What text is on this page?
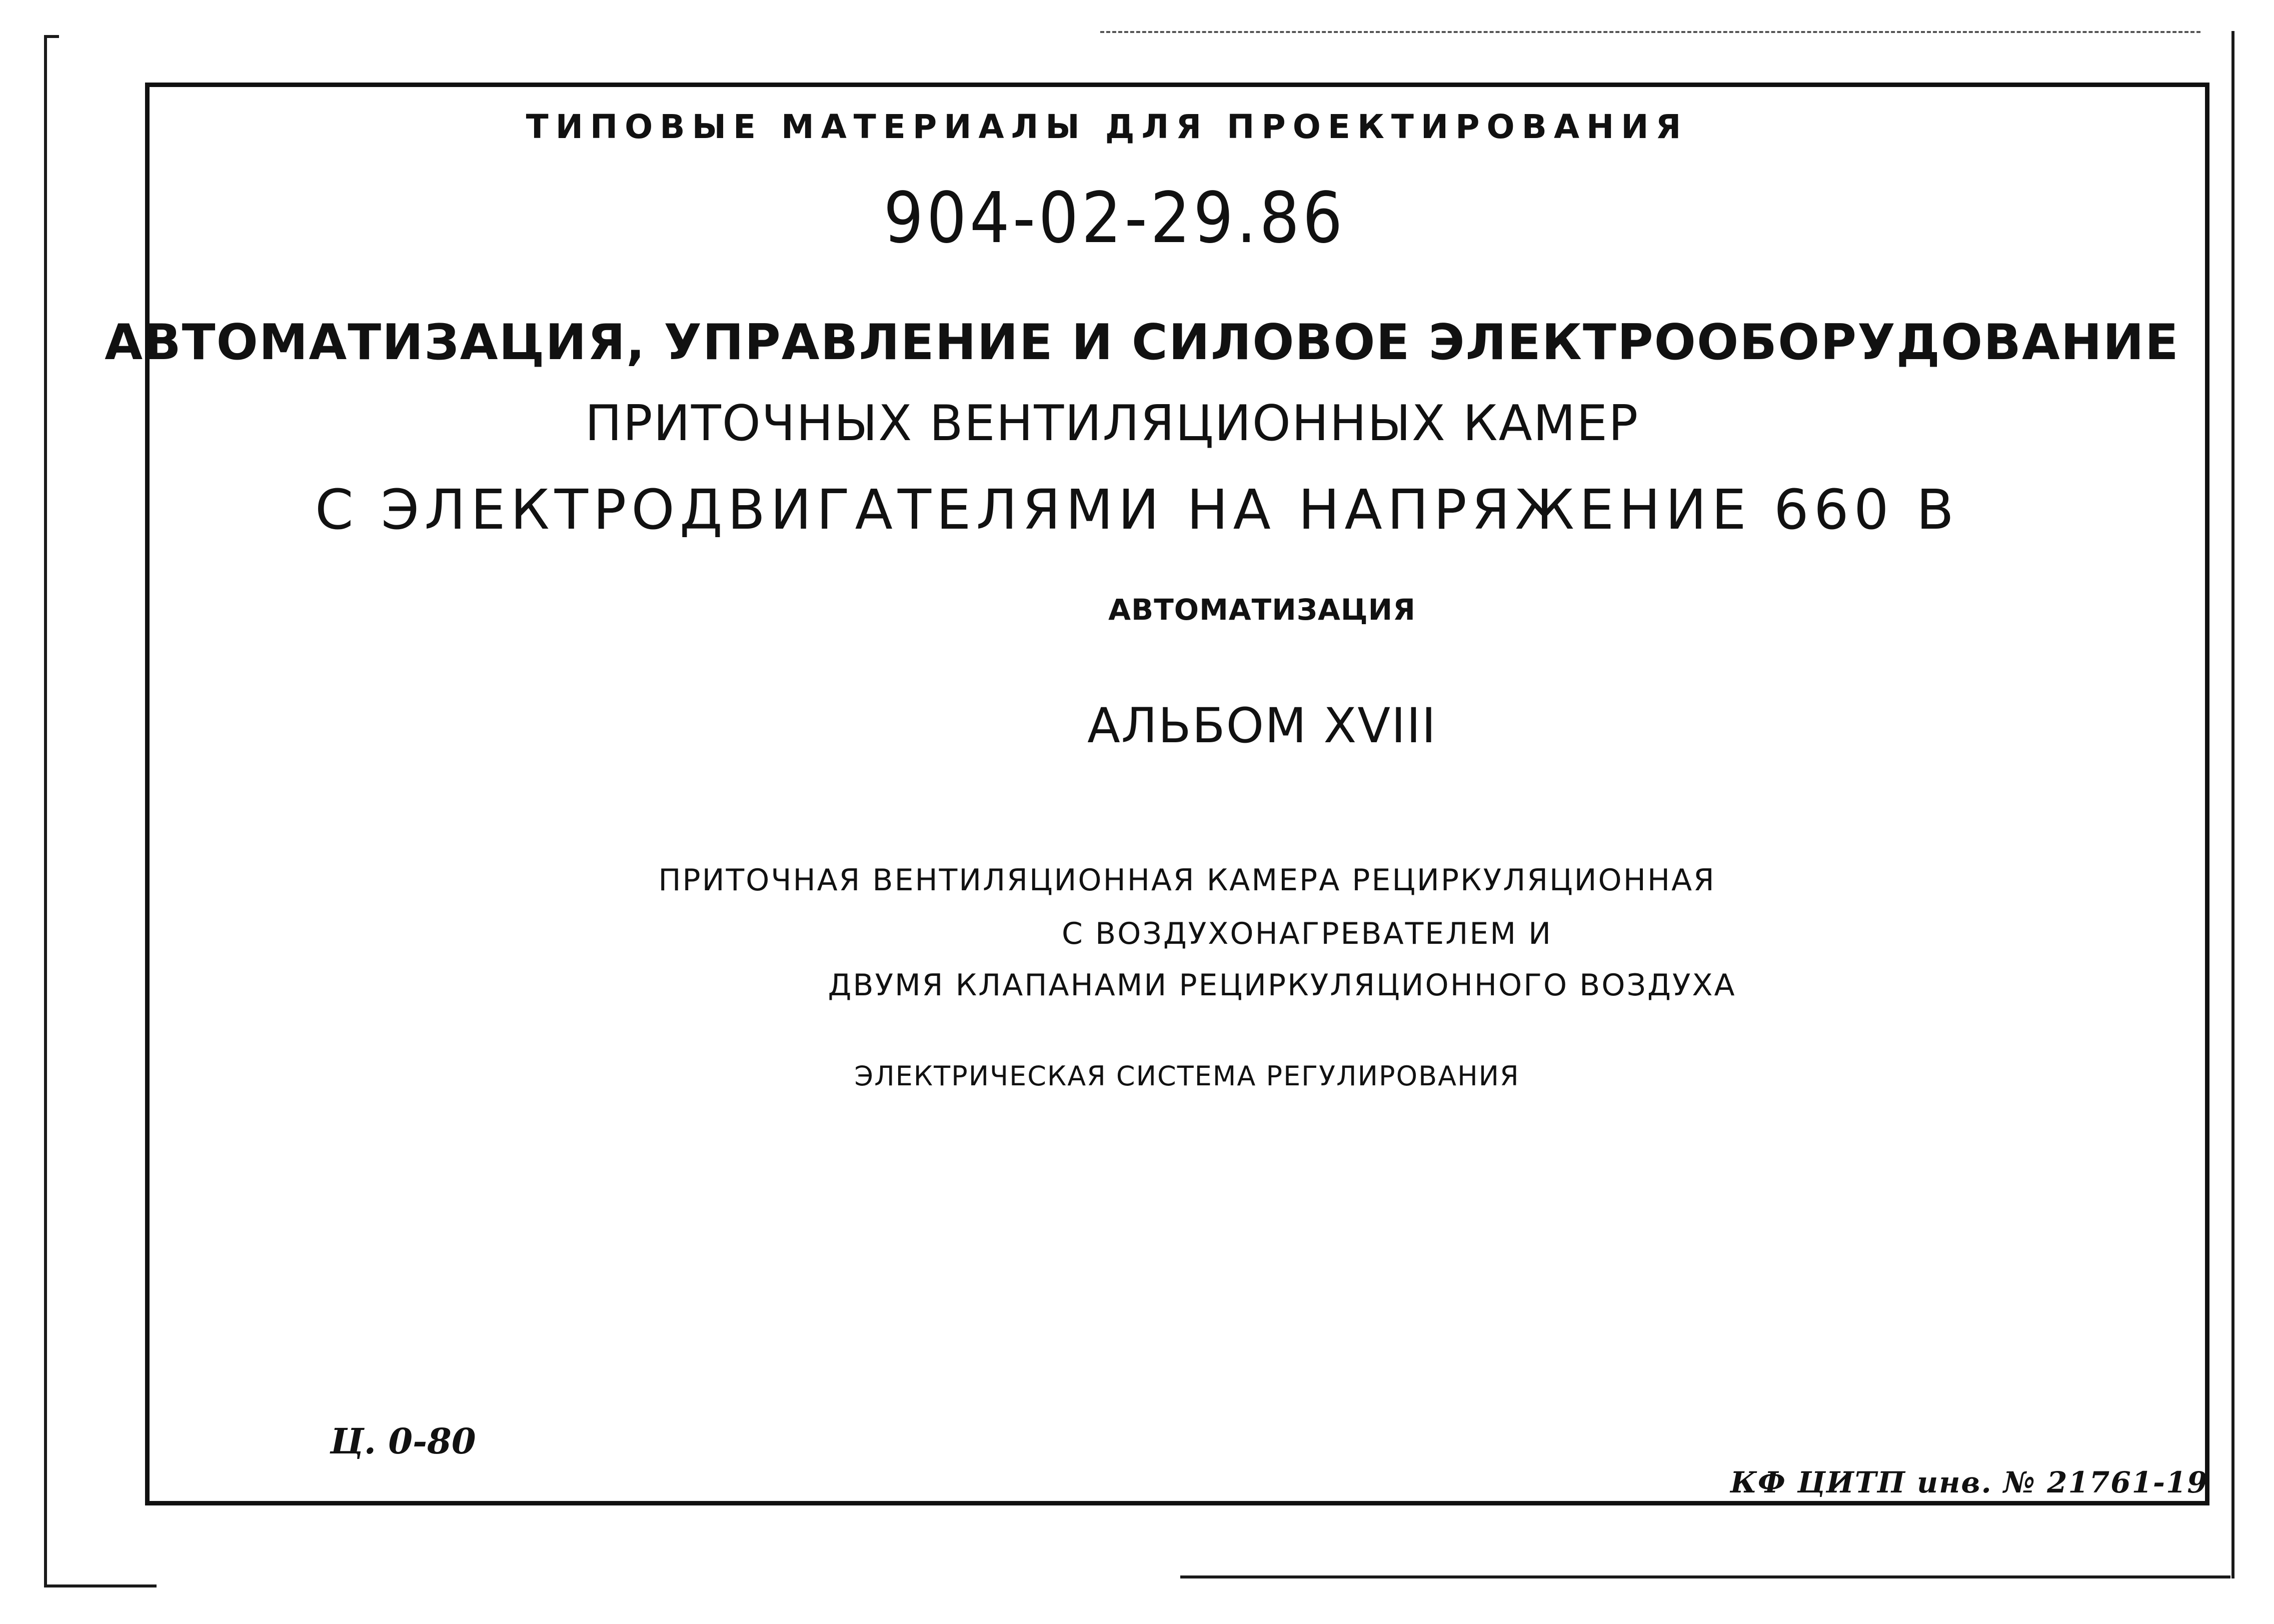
ТИПОВЫЕ МАТЕРИАЛЫ ДЛЯ ПРОЕКТИРОВАНИЯ
904-02-29.86
АВТОМАТИЗАЦИЯ, УПРАВЛЕНИЕ И СИЛОВОЕ ЭЛЕКТРООБОРУДОВАНИЕ
ПРИТОЧНЫХ ВЕНТИЛЯЦИОННЫХ КАМЕР
С ЭЛЕКТРОДВИГАТЕЛЯМИ НА НАПРЯЖЕНИЕ 660 В
АВТОМАТИЗАЦИЯ
АЛЬБОМ XVIII
ПРИТОЧНАЯ ВЕНТИЛЯЦИОННАЯ КАМЕРА РЕЦИРКУЛЯЦИОННАЯ
С ВОЗДУХОНАГРЕВАТЕЛЕМ И
ДВУМЯ КЛАПАНАМИ РЕЦИРКУЛЯЦИОННОГО ВОЗДУХА
ЭЛЕКТРИЧЕСКАЯ СИСТЕМА РЕГУЛИРОВАНИЯ
Ц. 0-80
КФ ЦИТП инв. № 21761-19
